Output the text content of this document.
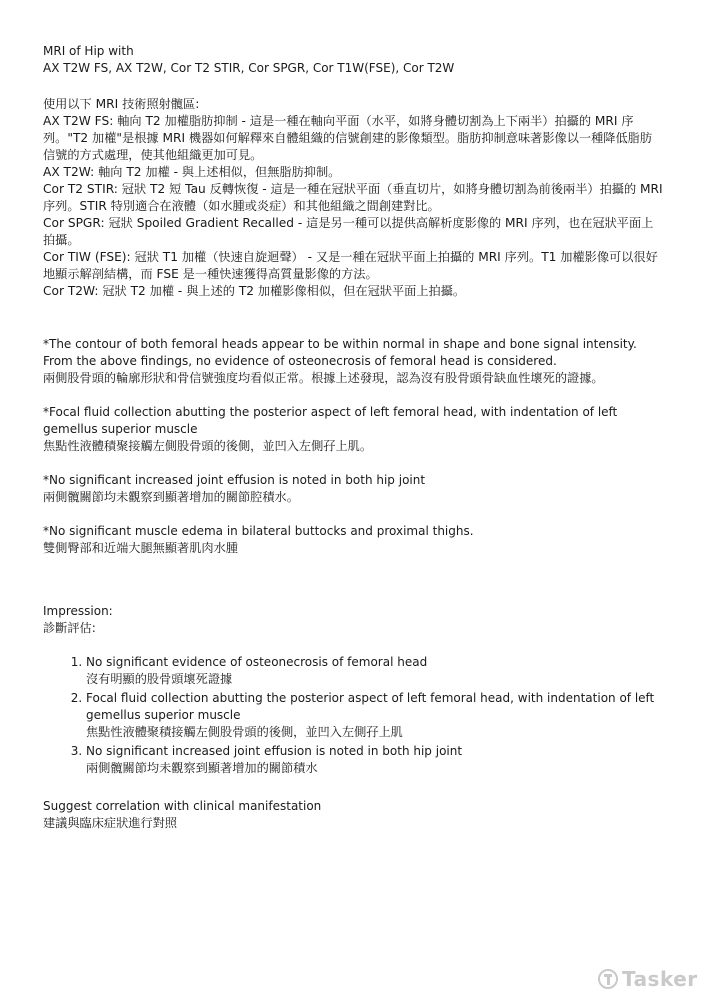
MRI of Hip with

AX T2W FS, AX T2W, Cor T2 STIR, Cor SPGR, Cor T1W(FSE), Cor T2W

使用以下 MRI 技術照射髖區:

AX T2W FS: 軸向 T2 加權脂肪抑制 - 這是一種在軸向平面（水平，如將身體切割為上下兩半）拍攝的 MRI 序列。"T2 加權"是根據 MRI 機器如何解釋來自體組織的信號創建的影像類型。脂肪抑制意味著影像以一種降低脂肪信號的方式處理，使其他組織更加可見。

AX T2W: 軸向 T2 加權 - 與上述相似，但無脂肪抑制。

Cor T2 STIR: 冠狀 T2 短 Tau 反轉恢復 - 這是一種在冠狀平面（垂直切片，如將身體切割為前後兩半）拍攝的 MRI 序列。STIR 特別適合在液體（如水腫或炎症）和其他組織之間創建對比。

Cor SPGR: 冠狀 Spoiled Gradient Recalled - 這是另一種可以提供高解析度影像的 MRI 序列，也在冠狀平面上拍攝。

Cor TIW (FSE): 冠狀 T1 加權（快速自旋迴聲） - 又是一種在冠狀平面上拍攝的 MRI 序列。T1 加權影像可以很好地顯示解剖結構，而 FSE 是一種快速獲得高質量影像的方法。

Cor T2W: 冠狀 T2 加權 - 與上述的 T2 加權影像相似，但在冠狀平面上拍攝。

*The contour of both femoral heads appear to be within normal in shape and bone signal intensity.

From the above findings, no evidence of osteonecrosis of femoral head is considered.

兩側股骨頭的輪廓形狀和骨信號強度均看似正常。根據上述發現，認為沒有股骨頭骨缺血性壞死的證據。

*Focal fluid collection abutting the posterior aspect of left femoral head, with indentation of left gemellus superior muscle

焦點性液體積聚接觸左側股骨頭的後側，並凹入左側孖上肌。

*No significant increased joint effusion is noted in both hip joint

兩側髖關節均未觀察到顯著增加的關節腔積水。

*No significant muscle edema in bilateral buttocks and proximal thighs.

雙側臀部和近端大腿無顯著肌肉水腫

Impression:

診斷評估:

1. No significant evidence of osteonecrosis of femoral head

沒有明顯的股骨頭壞死證據

2. Focal fluid collection abutting the posterior aspect of left femoral head, with indentation of left gemellus superior muscle

焦點性液體聚積接觸左側股骨頭的後側，並凹入左側孖上肌

3. No significant increased joint effusion is noted in both hip joint

兩側髖關節均未觀察到顯著增加的關節積水

Suggest correlation with clinical manifestation

建議與臨床症狀進行對照

Tasker
